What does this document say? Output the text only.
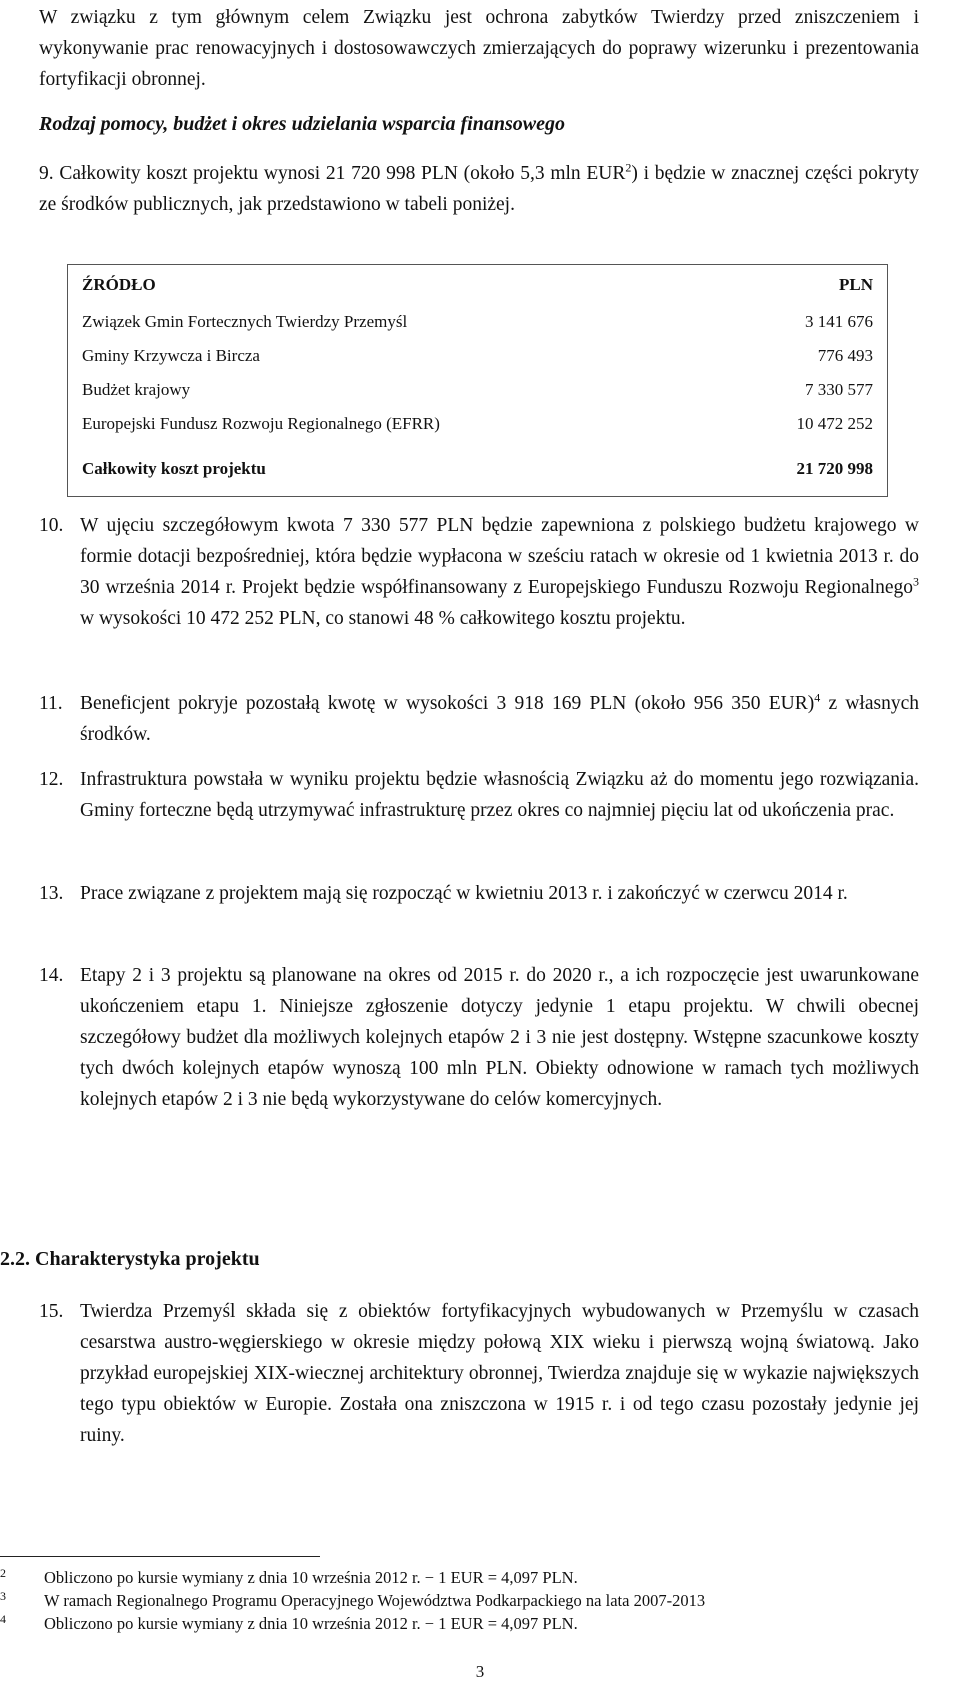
W związku z tym głównym celem Związku jest ochrona zabytków Twierdzy przed zniszczeniem i wykonywanie prac renowacyjnych i dostosowawczych zmierzających do poprawy wizerunku i prezentowania fortyfikacji obronnej.
Rodzaj pomocy, budżet i okres udzielania wsparcia finansowego
9. Całkowity koszt projektu wynosi 21 720 998 PLN (około 5,3 mln EUR$^2$) i będzie w znacznej części pokryty ze środków publicznych, jak przedstawiono w tabeli poniżej.
ŹRÓDŁO	PLN
Związek Gmin Fortecznych Twierdzy Przemyśl	3 141 676
Gminy Krzywcza i Bircza	776 493
Budżet krajowy	7 330 577
Europejski Fundusz Rozwoju Regionalnego (EFRR)	10 472 252
Całkowity koszt projektu	21 720 998
10. W ujęciu szczegółowym kwota 7 330 577 PLN będzie zapewniona z polskiego budżetu krajowego w formie dotacji bezpośredniej, która będzie wypłacona w sześciu ratach w okresie od 1 kwietnia 2013 r. do 30 września 2014 r. Projekt będzie współfinansowany z Europejskiego Funduszu Rozwoju Regionalnego$^3$ w wysokości 10 472 252 PLN, co stanowi 48 % całkowitego kosztu projektu.
11. Beneficjent pokryje pozostałą kwotę w wysokości 3 918 169 PLN (około 956 350 EUR)$^4$ z własnych środków.
12. Infrastruktura powstała w wyniku projektu będzie własnością Związku aż do momentu jego rozwiązania. Gminy forteczne będą utrzymywać infrastrukturę przez okres co najmniej pięciu lat od ukończenia prac.
13. Prace związane z projektem mają się rozpocząć w kwietniu 2013 r. i zakończyć w czerwcu 2014 r.
14. Etapy 2 i 3 projektu są planowane na okres od 2015 r. do 2020 r., a ich rozpoczęcie jest uwarunkowane ukończeniem etapu 1. Niniejsze zgłoszenie dotyczy jedynie 1 etapu projektu. W chwili obecnej szczegółowy budżet dla możliwych kolejnych etapów 2 i 3 nie jest dostępny. Wstępne szacunkowe koszty tych dwóch kolejnych etapów wynoszą 100 mln PLN. Obiekty odnowione w ramach tych możliwych kolejnych etapów 2 i 3 nie będą wykorzystywane do celów komercyjnych.
2.2. Charakterystyka projektu
15. Twierdza Przemyśl składa się z obiektów fortyfikacyjnych wybudowanych w Przemyślu w czasach cesarstwa austro-węgierskiego w okresie między połową XIX wieku i pierwszą wojną światową. Jako przykład europejskiej XIX-wiecznej architektury obronnej, Twierdza znajduje się w wykazie największych tego typu obiektów w Europie. Została ona zniszczona w 1915 r. i od tego czasu pozostały jedynie jej ruiny.
2 Obliczono po kursie wymiany z dnia 10 września 2012 r. − 1 EUR = 4,097 PLN.
3 W ramach Regionalnego Programu Operacyjnego Województwa Podkarpackiego na lata 2007-2013
4 Obliczono po kursie wymiany z dnia 10 września 2012 r. − 1 EUR = 4,097 PLN.
3
